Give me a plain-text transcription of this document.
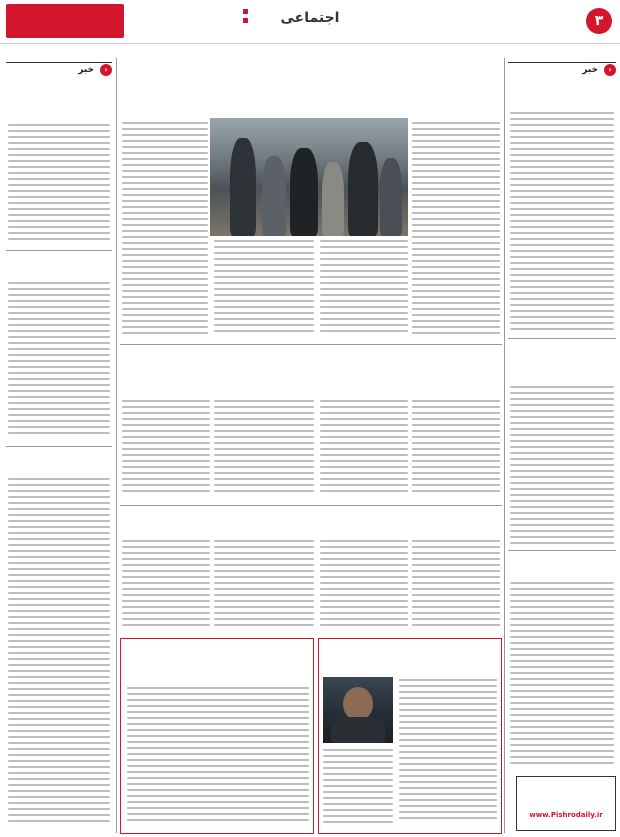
۳
اجتماعی
‹
خبر
www.Pishrodaily.ir
‹
خبر
